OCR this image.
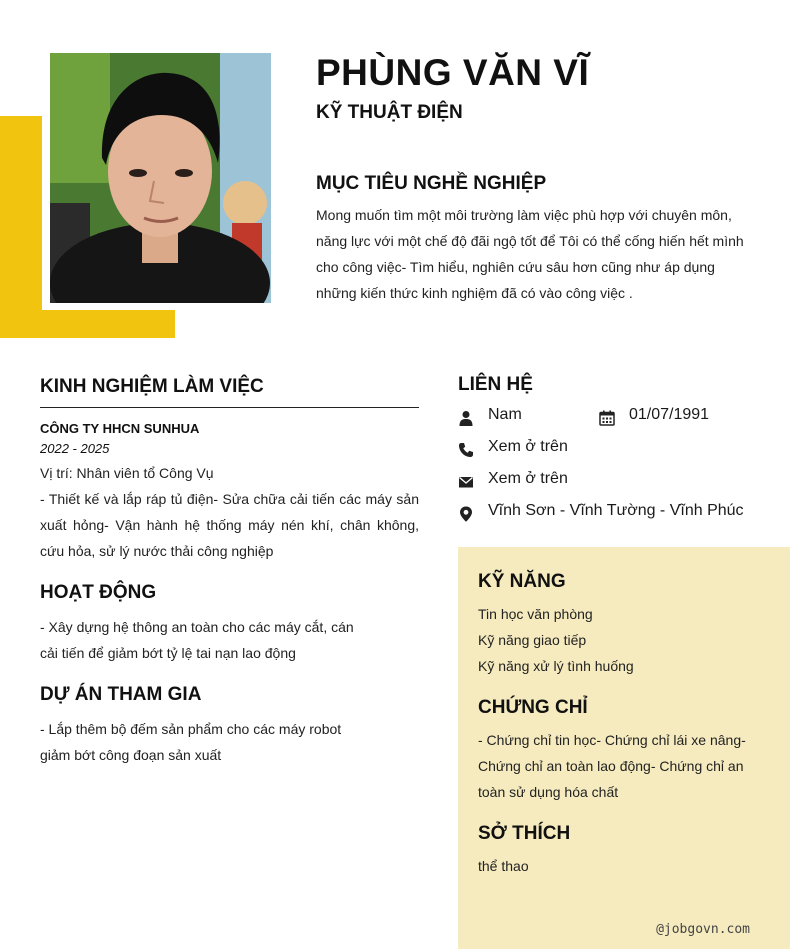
PHÙNG VĂN VĨ
KỸ THUẬT ĐIỆN
MỤC TIÊU NGHỀ NGHIỆP
Mong muốn tìm một môi trường làm việc phù hợp với chuyên môn, năng lực với một chế độ đãi ngộ tốt để Tôi có thể cống hiến hết mình cho công việc- Tìm hiểu, nghiên cứu sâu hơn cũng như áp dụng những kiến thức kinh nghiệm đã có vào công việc .
KINH NGHIỆM LÀM VIỆC
CÔNG TY HHCN SUNHUA
2022 - 2025
Vị trí: Nhân viên tổ Công Vụ
- Thiết kế và lắp ráp tủ điện- Sửa chữa cải tiến các máy sản xuất hỏng- Vận hành hệ thống máy nén khí, chân không, cứu hỏa, sử lý nước thải công nghiệp
HOẠT ĐỘNG
- Xây dựng hệ thông an toàn cho các máy cắt, cán
cải tiến để giảm bớt tỷ lệ tai nạn lao động
DỰ ÁN THAM GIA
- Lắp thêm bộ đếm sản phẩm cho các máy robot
giảm bớt công đoạn sản xuất
LIÊN HỆ
Nam	01/07/1991
Xem ở trên
Xem ở trên
Vĩnh Sơn - Vĩnh Tường - Vĩnh Phúc
KỸ NĂNG
Tin học văn phòng
Kỹ năng giao tiếp
Kỹ năng xử lý tình huống
CHỨNG CHỈ
- Chứng chỉ tin học- Chứng chỉ lái xe nâng- Chứng chỉ an toàn lao động- Chứng chỉ an toàn sử dụng hóa chất
SỞ THÍCH
thể thao
@jobgovn.com
